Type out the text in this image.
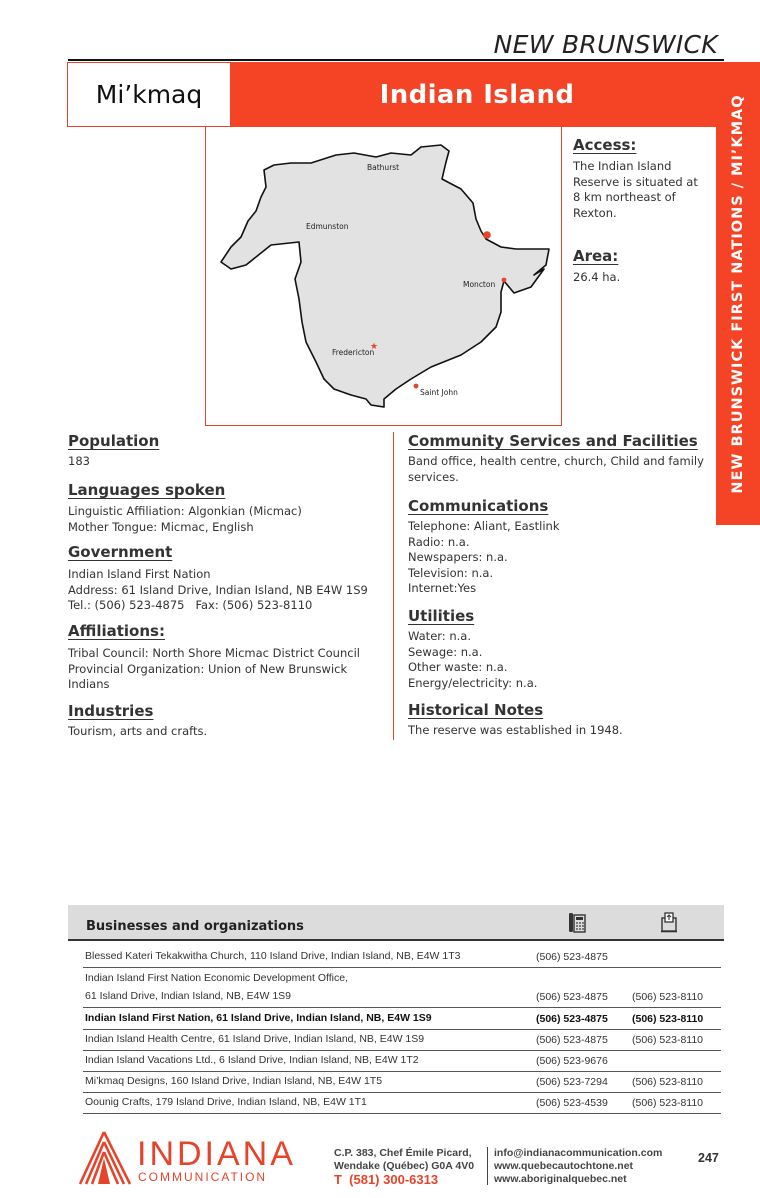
NEW BRUNSWICK
Mi’kmaq	Indian Island	NEW BRUNSWICK FIRST NATIONS / MI’KMAQ
Bathurst
Edmunston
Moncton
Fredericton
Saint John
★

Access:

The Indian Island Reserve is situated at 8 km northeast of Rexton.

Area:

26.4 ha.

Population

183

Languages spoken

Linguistic Affiliation: Algonkian (Micmac)

Mother Tongue: Micmac, English

Government

Indian Island First Nation

Address: 61 Island Drive, Indian Island, NB E4W 1S9

Tel.: (506) 523-4875   Fax: (506) 523-8110

Affiliations:

Tribal Council: North Shore Micmac District Council

Provincial Organization: Union of New Brunswick

Indians

Industries

Tourism, arts and crafts.

Community Services and Facilities

Band office, health centre, church, Child and family

services.

Communications

Telephone: Aliant, Eastlink

Radio: n.a.

Newspapers: n.a.

Television: n.a.

Internet:Yes

Utilities

Water: n.a.

Sewage: n.a.

Other waste: n.a.

Energy/electricity: n.a.

Historical Notes

The reserve was established in 1948.

Businesses and organizations
Blessed Kateri Tekakwitha Church, 110 Island Drive, Indian Island, NB, E4W 1T3	(506) 523-4875
Indian Island First Nation Economic Development Office,
61 Island Drive, Indian Island, NB, E4W 1S9	(506) 523-4875 (506) 523-8110
Indian Island First Nation, 61 Island Drive, Indian Island, NB, E4W 1S9	(506) 523-4875 (506) 523-8110
Indian Island Health Centre, 61 Island Drive, Indian Island, NB, E4W 1S9	(506) 523-4875 (506) 523-8110
Indian Island Vacations Ltd., 6 Island Drive, Indian Island, NB, E4W 1T2	(506) 523-9676
Mi’kmaq Designs, 160 Island Drive, Indian Island, NB, E4W 1T5	(506) 523-7294 (506) 523-8110
Oounig Crafts, 179 Island Drive, Indian Island, NB, E4W 1T1	(506) 523-4539 (506) 523-8110
INDIANA
COMMUNICATION
C.P. 383, Chef Émile Picard,
Wendake (Québec) G0A 4V0
T  (581) 300-6313
info@indianacommunication.com
www.quebecautochtone.net
www.aboriginalquebec.net
247
